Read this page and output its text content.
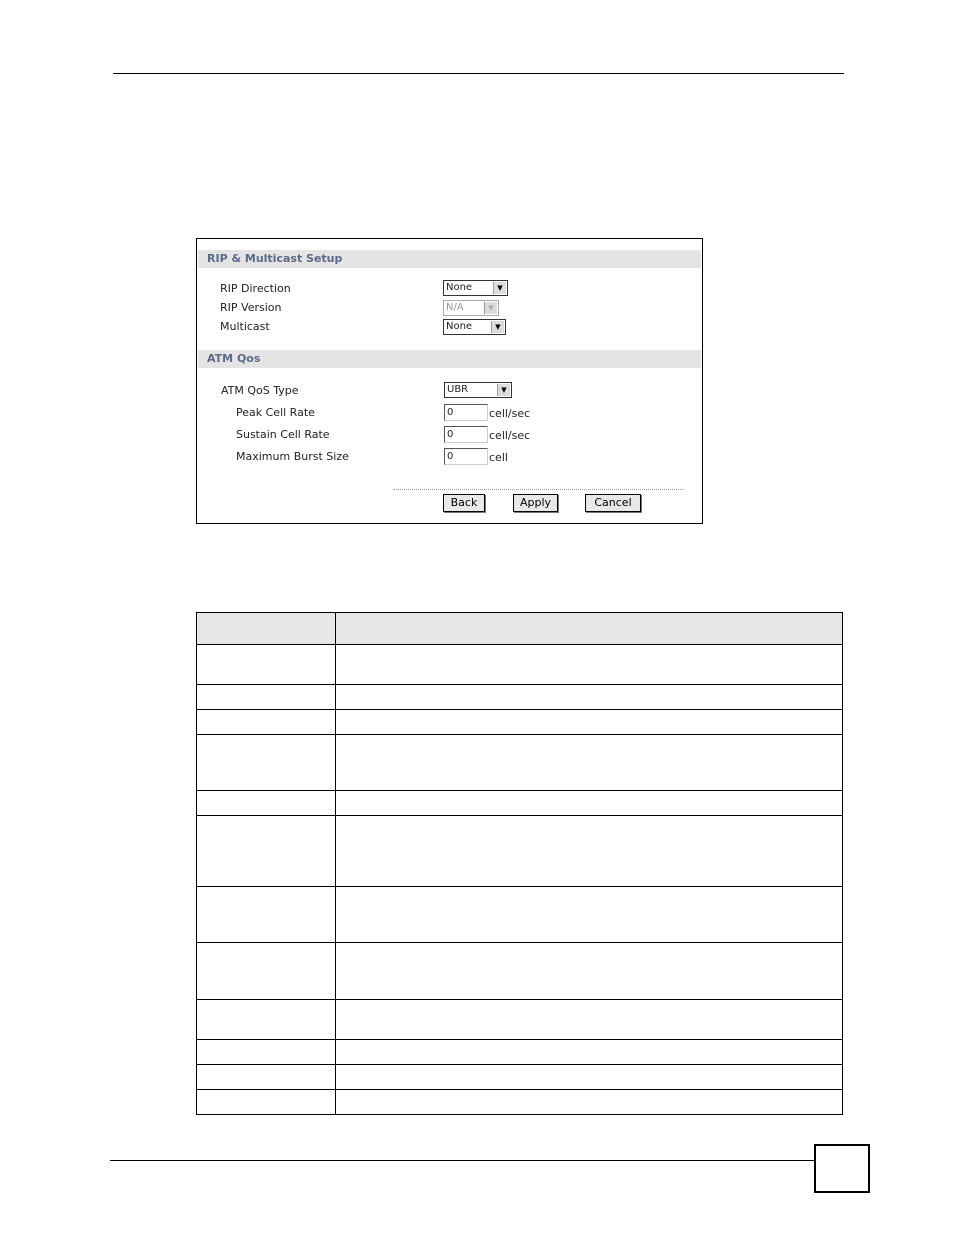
RIP & Multicast Setup
RIP Direction	None	▼
RIP Version	N/A	▼
Multicast	None	▼
ATM Qos
ATM QoS Type	UBR	▼
Peak Cell Rate	0	cell/sec
Sustain Cell Rate	0	cell/sec
Maximum Burst Size	0	cell
Back	Apply	Cancel
